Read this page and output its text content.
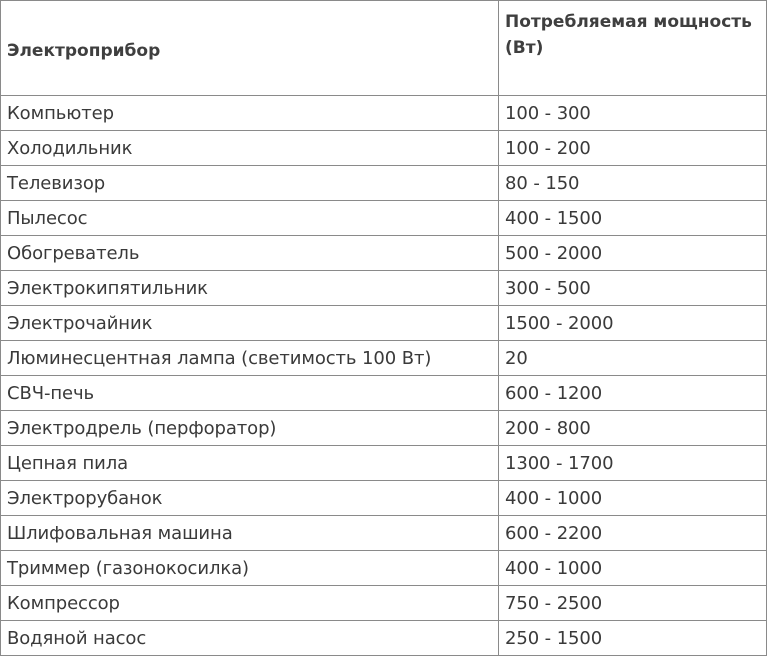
Электроприбор	Потребляемая мощность (Вт)
Компьютер	100 - 300
Холодильник	100 - 200
Телевизор	80 - 150
Пылесос	400 - 1500
Обогреватель	500 - 2000
Электрокипятильник	300 - 500
Электрочайник	1500 - 2000
Люминесцентная лампа (светимость 100 Вт)	20
СВЧ-печь	600 - 1200
Электродрель (перфоратор)	200 - 800
Цепная пила	1300 - 1700
Электрорубанок	400 - 1000
Шлифовальная машина	600 - 2200
Триммер (газонокосилка)	400 - 1000
Компрессор	750 - 2500
Водяной насос	250 - 1500
